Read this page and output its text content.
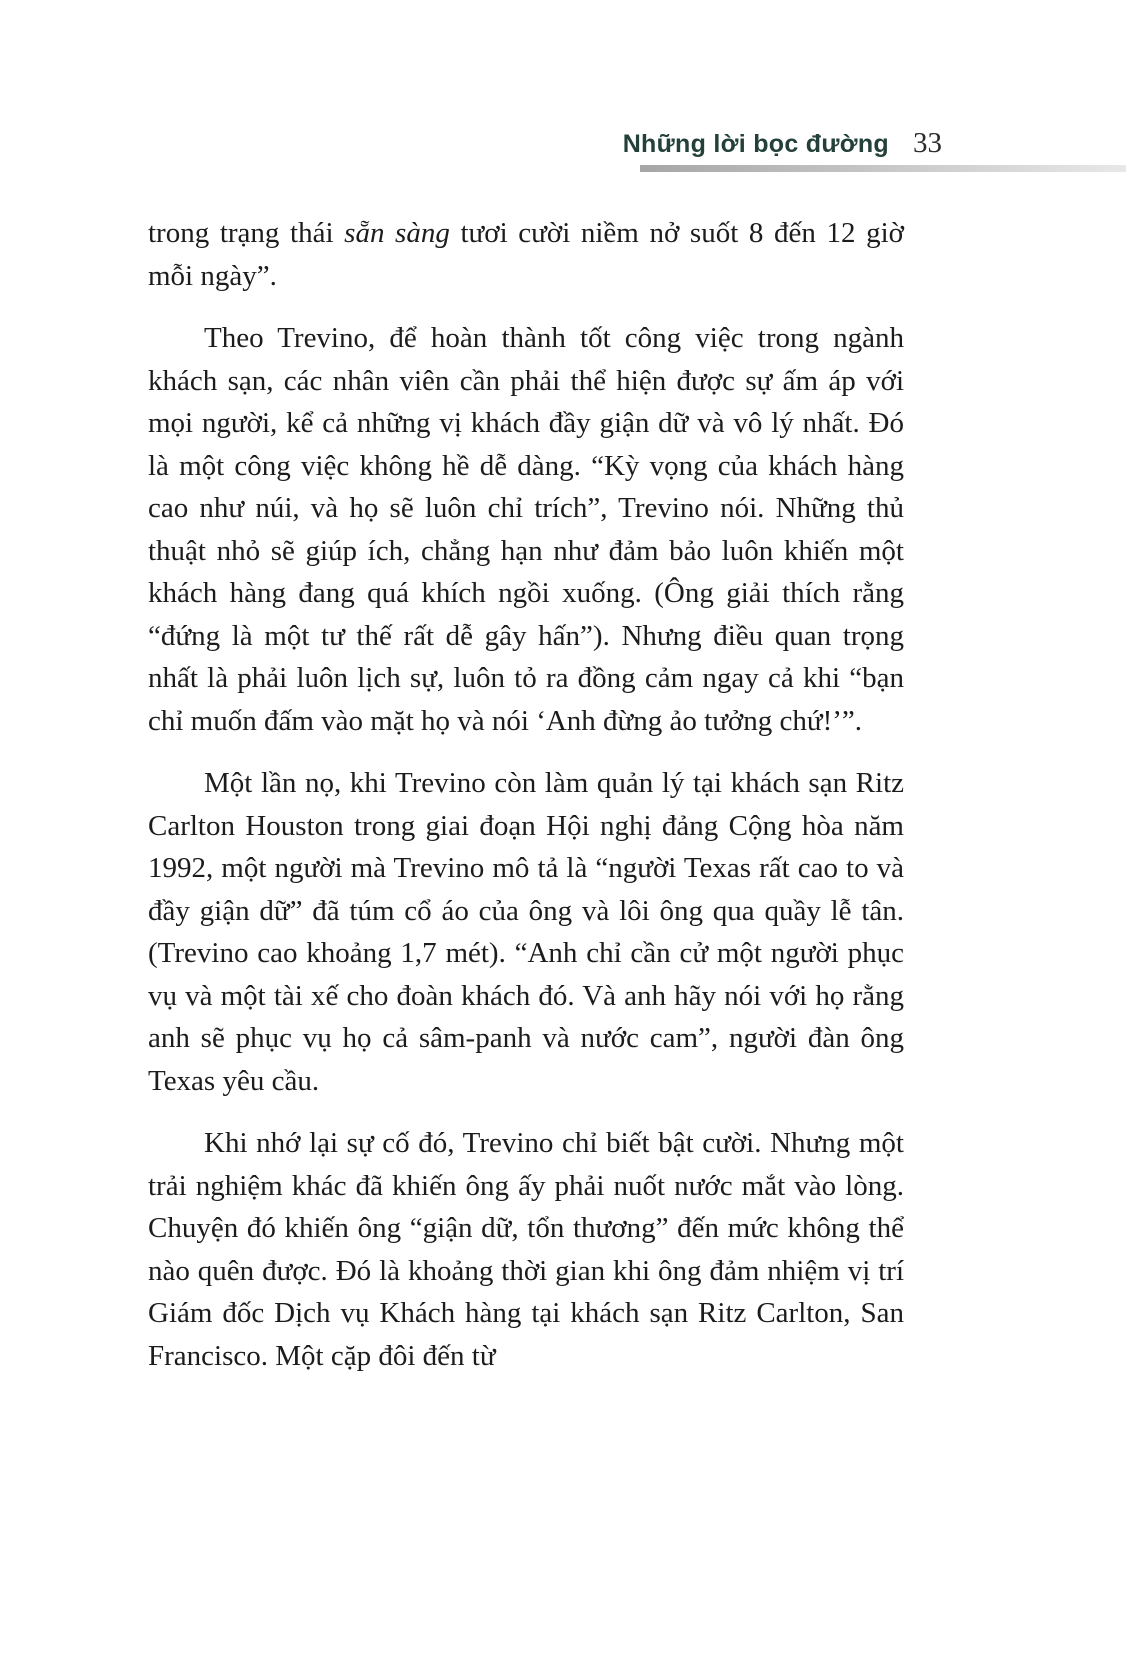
Những lời bọc đường 33

trong trạng thái sẵn sàng tươi cười niềm nở suốt 8 đến 12 giờ mỗi ngày”.

Theo Trevino, để hoàn thành tốt công việc trong ngành khách sạn, các nhân viên cần phải thể hiện được sự ấm áp với mọi người, kể cả những vị khách đầy giận dữ và vô lý nhất. Đó là một công việc không hề dễ dàng. “Kỳ vọng của khách hàng cao như núi, và họ sẽ luôn chỉ trích”, Trevino nói. Những thủ thuật nhỏ sẽ giúp ích, chẳng hạn như đảm bảo luôn khiến một khách hàng đang quá khích ngồi xuống. (Ông giải thích rằng “đứng là một tư thế rất dễ gây hấn”). Nhưng điều quan trọng nhất là phải luôn lịch sự, luôn tỏ ra đồng cảm ngay cả khi “bạn chỉ muốn đấm vào mặt họ và nói ‘Anh đừng ảo tưởng chứ!’”.

Một lần nọ, khi Trevino còn làm quản lý tại khách sạn Ritz Carlton Houston trong giai đoạn Hội nghị đảng Cộng hòa năm 1992, một người mà Trevino mô tả là “người Texas rất cao to và đầy giận dữ” đã túm cổ áo của ông và lôi ông qua quầy lễ tân. (Trevino cao khoảng 1,7 mét). “Anh chỉ cần cử một người phục vụ và một tài xế cho đoàn khách đó. Và anh hãy nói với họ rằng anh sẽ phục vụ họ cả sâm-panh và nước cam”, người đàn ông Texas yêu cầu.

Khi nhớ lại sự cố đó, Trevino chỉ biết bật cười. Nhưng một trải nghiệm khác đã khiến ông ấy phải nuốt nước mắt vào lòng. Chuyện đó khiến ông “giận dữ, tổn thương” đến mức không thể nào quên được. Đó là khoảng thời gian khi ông đảm nhiệm vị trí Giám đốc Dịch vụ Khách hàng tại khách sạn Ritz Carlton, San Francisco. Một cặp đôi đến từ
